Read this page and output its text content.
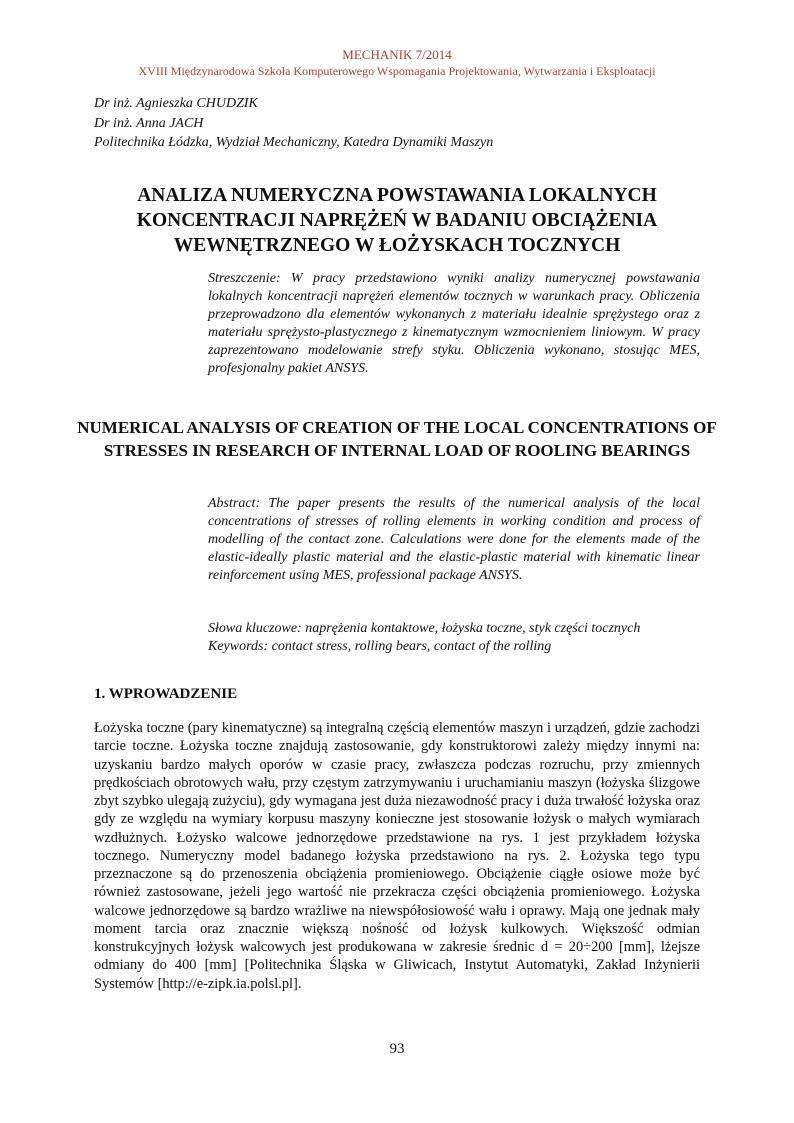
MECHANIK 7/2014
XVIII Międzynarodowa Szkoła Komputerowego Wspomagania Projektowania, Wytwarzania i Eksploatacji
Dr inż. Agnieszka CHUDZIK
Dr inż. Anna JACH
Politechnika Łódzka, Wydział Mechaniczny, Katedra Dynamiki Maszyn
ANALIZA NUMERYCZNA POWSTAWANIA LOKALNYCH KONCENTRACJI NAPRĘŻEŃ W BADANIU OBCIĄŻENIA WEWNĘTRZNEGO W ŁOŻYSKACH TOCZNYCH
Streszczenie: W pracy przedstawiono wyniki analizy numerycznej powstawania lokalnych koncentracji naprężeń elementów tocznych w warunkach pracy. Obliczenia przeprowadzono dla elementów wykonanych z materiału idealnie sprężystego oraz z materiału sprężysto-plastycznego z kinematycznym wzmocnieniem liniowym. W pracy zaprezentowano modelowanie strefy styku. Obliczenia wykonano, stosując MES, profesjonalny pakiet ANSYS.
NUMERICAL ANALYSIS OF CREATION OF THE LOCAL CONCENTRATIONS OF STRESSES IN RESEARCH OF INTERNAL LOAD OF ROOLING BEARINGS
Abstract: The paper presents the results of the numerical analysis of the local concentrations of stresses of rolling elements in working condition and process of modelling of the contact zone. Calculations were done for the elements made of the elastic-ideally plastic material and the elastic-plastic material with kinematic linear reinforcement using MES, professional package ANSYS.
Słowa kluczowe: naprężenia kontaktowe, łożyska toczne, styk części tocznych
Keywords: contact stress, rolling bears, contact of the rolling
1. WPROWADZENIE
Łożyska toczne (pary kinematyczne) są integralną częścią elementów maszyn i urządzeń, gdzie zachodzi tarcie toczne. Łożyska toczne znajdują zastosowanie, gdy konstruktorowi zależy między innymi na: uzyskaniu bardzo małych oporów w czasie pracy, zwłaszcza podczas rozruchu, przy zmiennych prędkościach obrotowych wału, przy częstym zatrzymywaniu i uruchamianiu maszyn (łożyska ślizgowe zbyt szybko ulegają zużyciu), gdy wymagana jest duża niezawodność pracy i duża trwałość łożyska oraz gdy ze względu na wymiary korpusu maszyny konieczne jest stosowanie łożysk o małych wymiarach wzdłużnych. Łożysko walcowe jednorzędowe przedstawione na rys. 1 jest przykładem łożyska tocznego. Numeryczny model badanego łożyska przedstawiono na rys. 2. Łożyska tego typu przeznaczone są do przenoszenia obciążenia promieniowego. Obciążenie ciągłe osiowe może być również zastosowane, jeżeli jego wartość nie przekracza części obciążenia promieniowego. Łożyska walcowe jednorzędowe są bardzo wrażliwe na niewspółosiowość wału i oprawy. Mają one jednak mały moment tarcia oraz znacznie większą nośność od łożysk kulkowych. Większość odmian konstrukcyjnych łożysk walcowych jest produkowana w zakresie średnic d = 20÷200 [mm], lżejsze odmiany do 400 [mm] [Politechnika Śląska w Gliwicach, Instytut Automatyki, Zakład Inżynierii Systemów [http://e-zipk.ia.polsl.pl].
93
